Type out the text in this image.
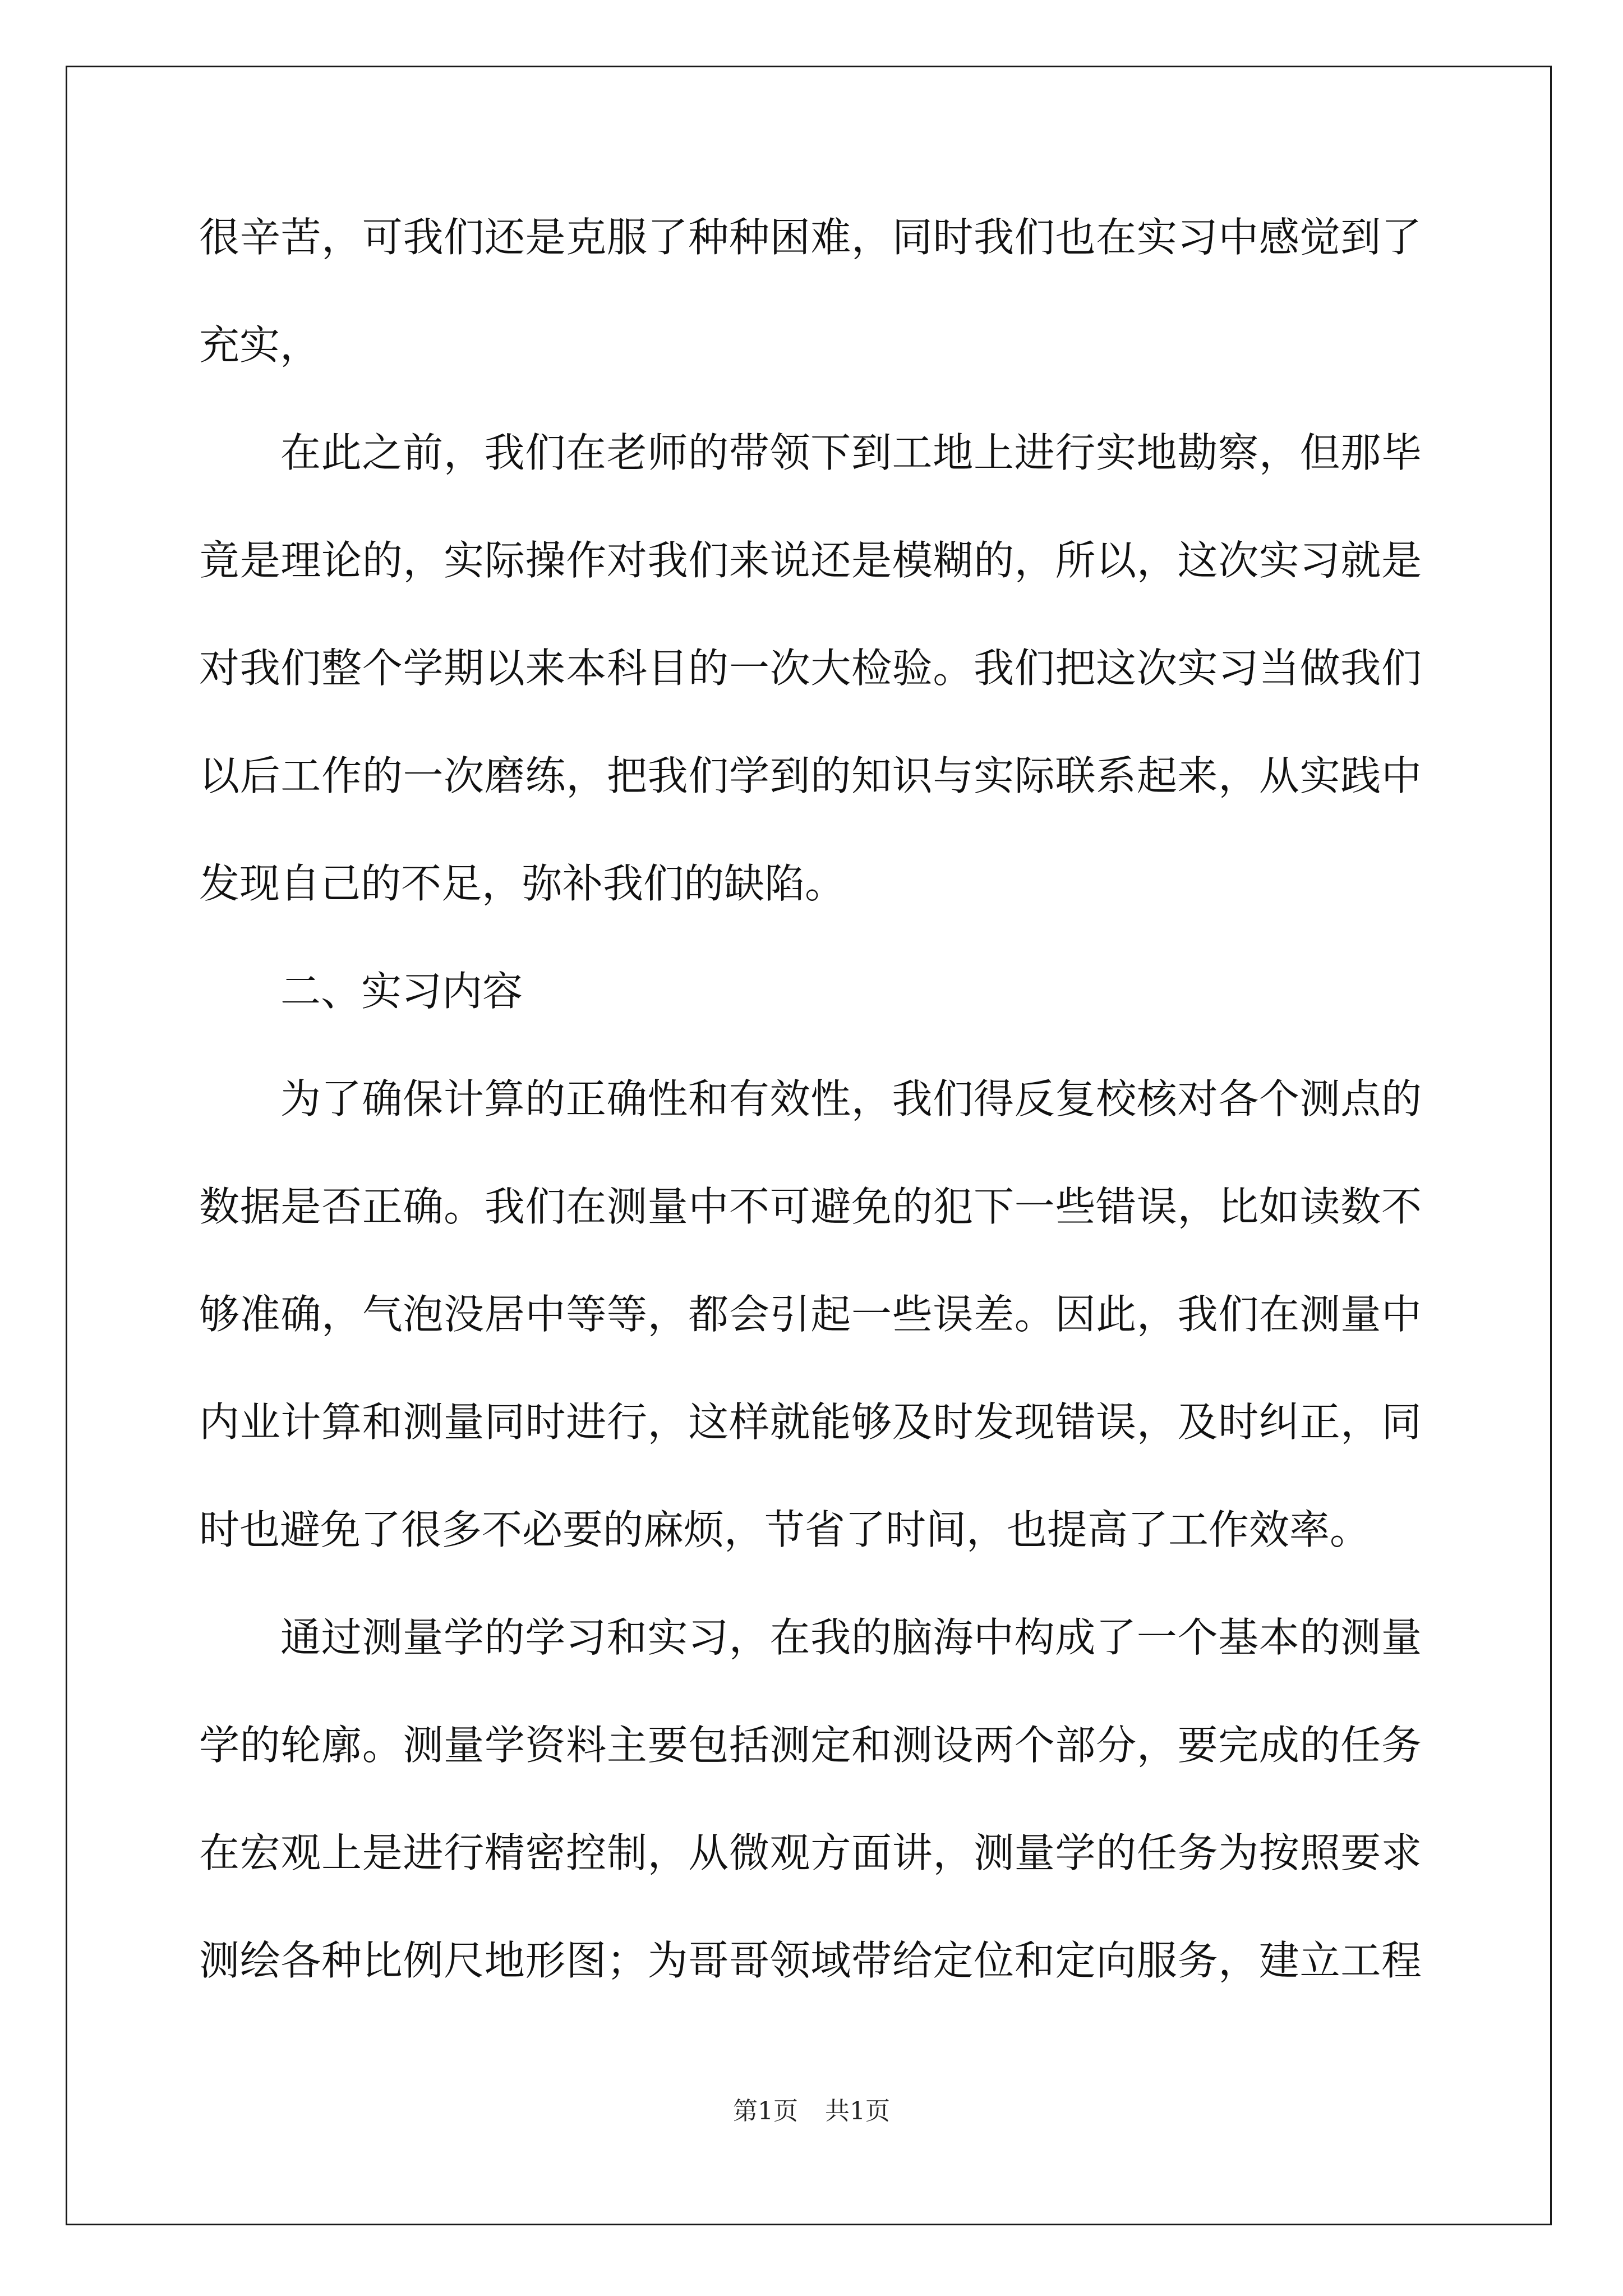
很辛苦，可我们还是克服了种种困难，同时我们也在实习中感觉到了
充实，
在此之前，我们在老师的带领下到工地上进行实地勘察，但那毕
竟是理论的，实际操作对我们来说还是模糊的，所以，这次实习就是
对我们整个学期以来本科目的一次大检验。我们把这次实习当做我们
以后工作的一次磨练，把我们学到的知识与实际联系起来，从实践中
发现自己的不足，弥补我们的缺陷。
二、实习内容
为了确保计算的正确性和有效性，我们得反复校核对各个测点的
数据是否正确。我们在测量中不可避免的犯下一些错误，比如读数不
够准确，气泡没居中等等，都会引起一些误差。因此，我们在测量中
内业计算和测量同时进行，这样就能够及时发现错误，及时纠正，同
时也避免了很多不必要的麻烦，节省了时间，也提高了工作效率。
通过测量学的学习和实习，在我的脑海中构成了一个基本的测量
学的轮廓。测量学资料主要包括测定和测设两个部分，要完成的任务
在宏观上是进行精密控制，从微观方面讲，测量学的任务为按照要求
测绘各种比例尺地形图；为哥哥领域带给定位和定向服务，建立工程
第1页 共1页
